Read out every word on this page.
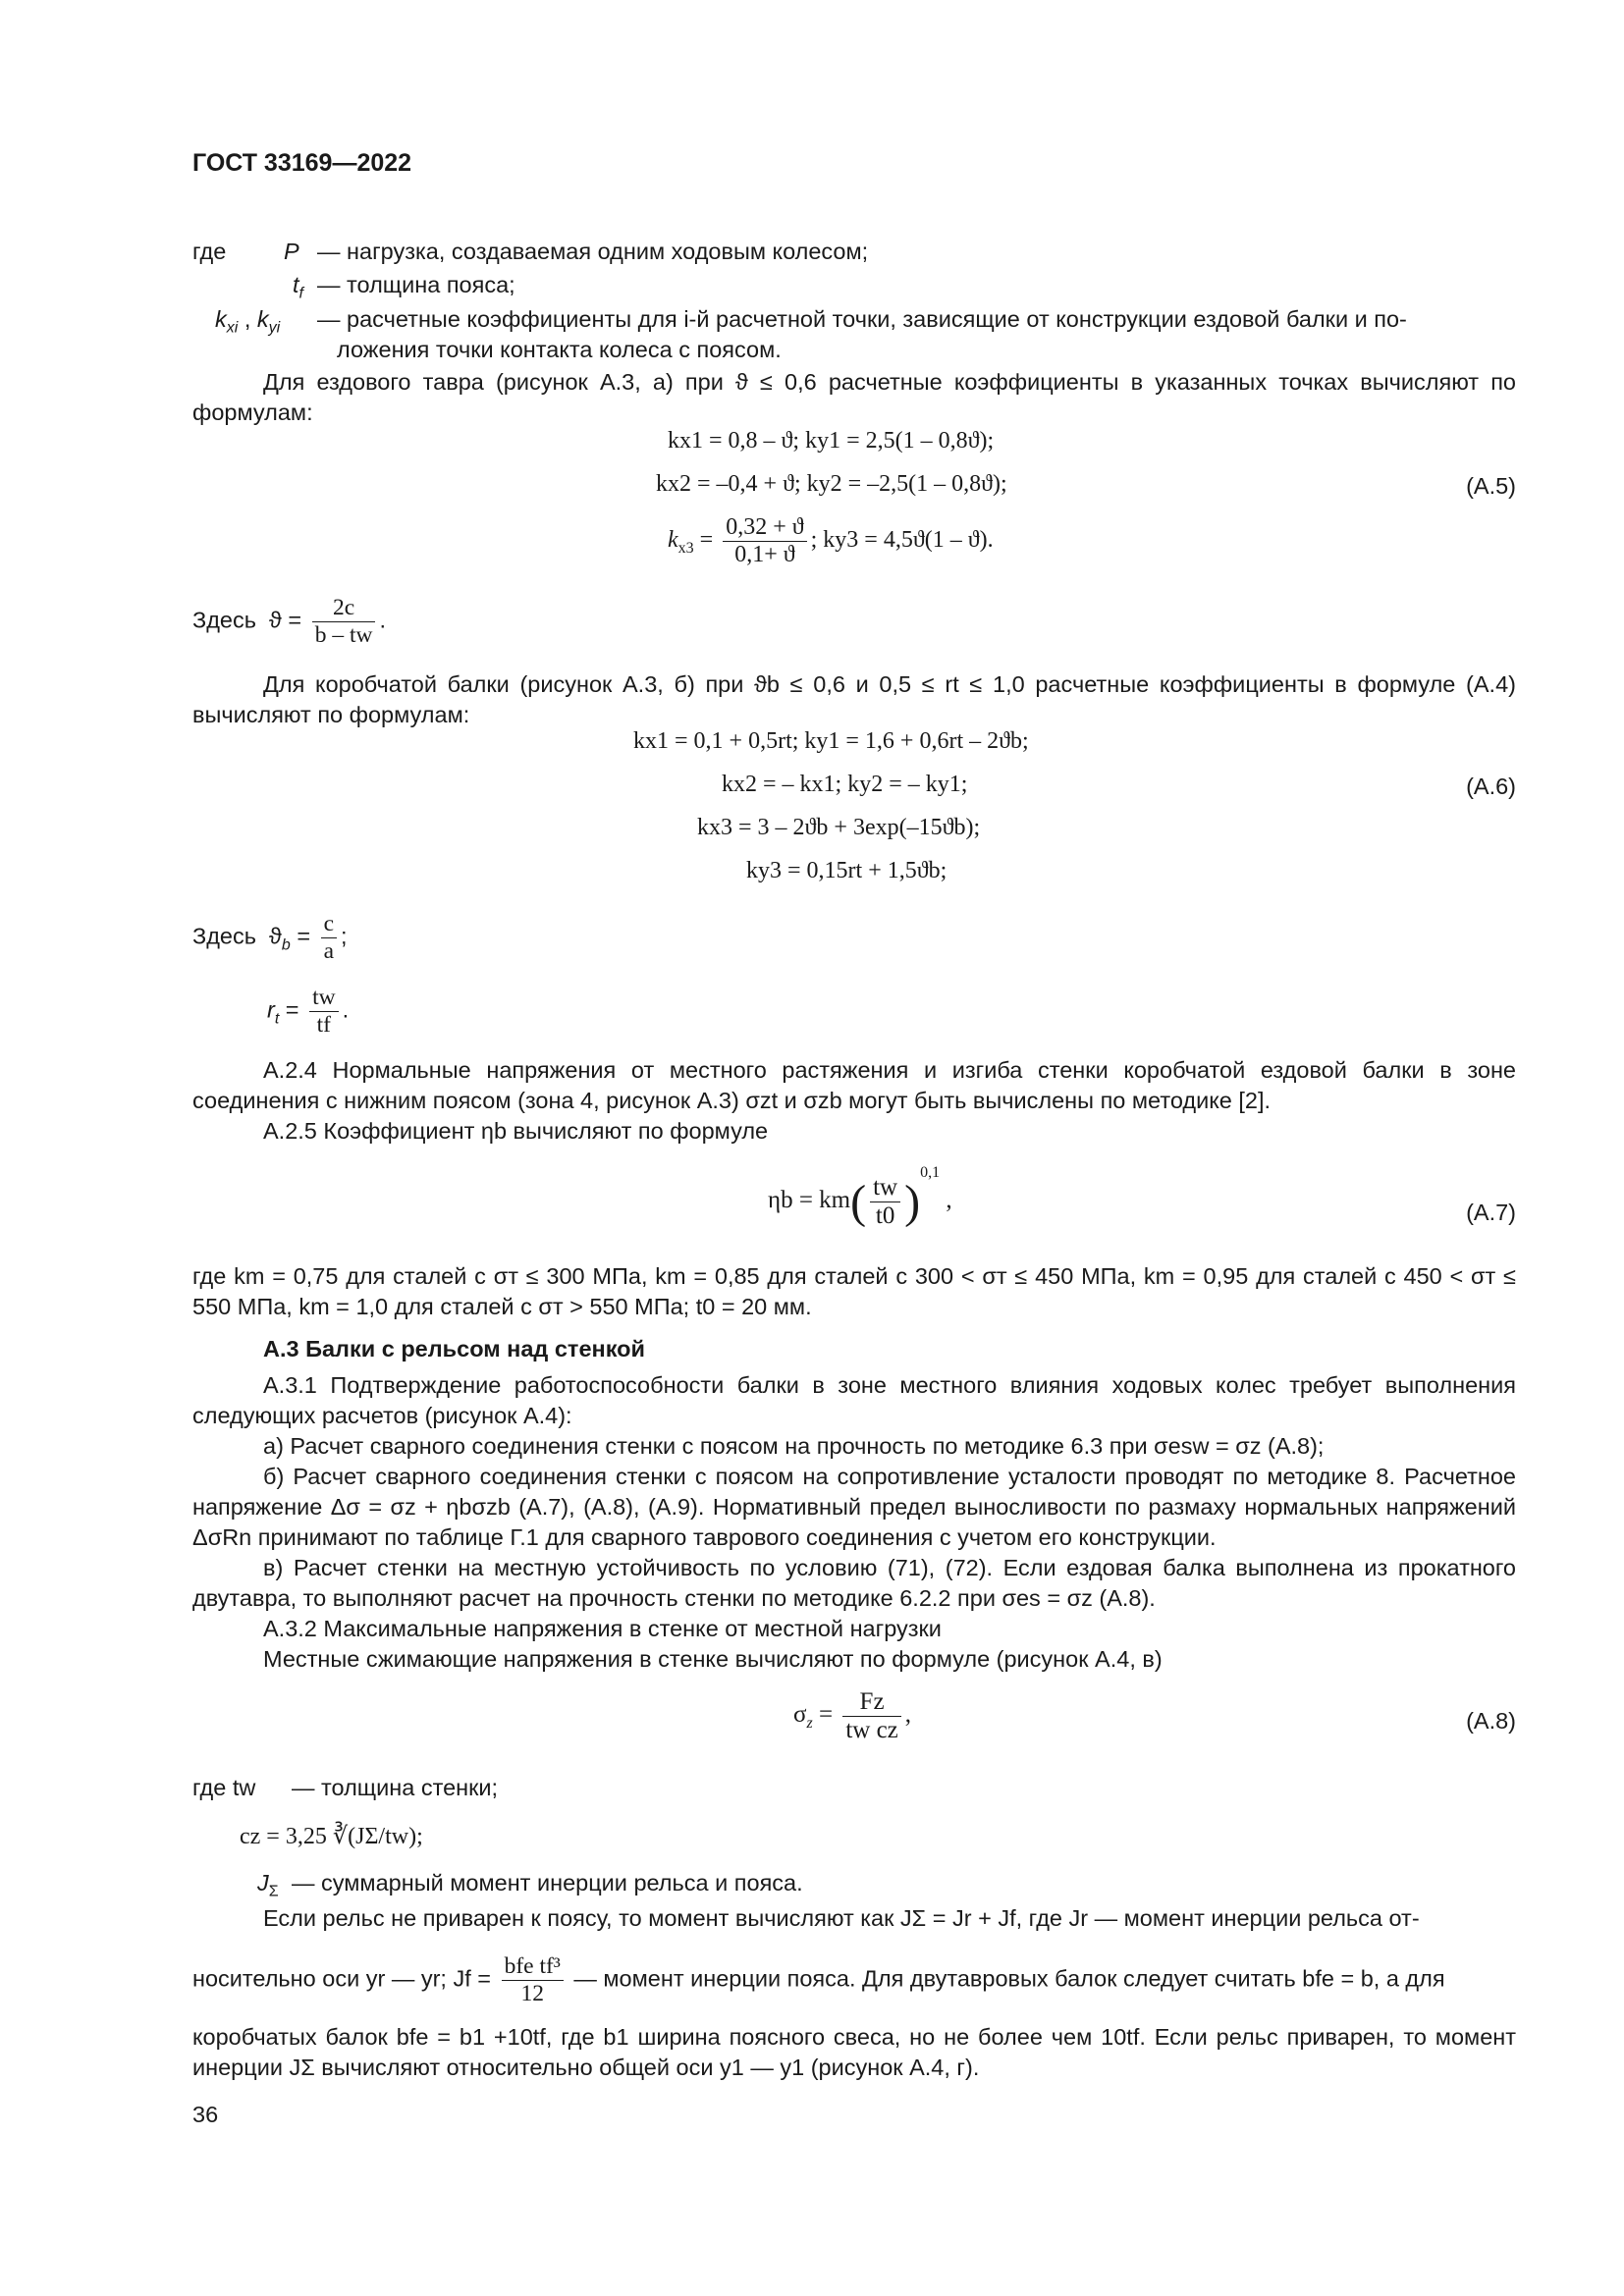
ГОСТ 33169—2022
где P — нагрузка, создаваемая одним ходовым колесом;
$t_f$ — толщина пояса;
$k_{xi}$ , $k_{yi}$ — расчетные коэффициенты для i-й расчетной точки, зависящие от конструкции ездовой балки и по-
ложения точки контакта колеса с поясом.
Для ездового тавра (рисунок А.3, а) при ϑ ≤ 0,6 расчетные коэффициенты в указанных точках вычисляют по формулам:
kx1 = 0,8 – ϑ; ky1 = 2,5(1 – 0,8ϑ);
kx2 = –0,4 + ϑ; ky2 = –2,5(1 – 0,8ϑ);	(А.5)
$k_{x3} = \frac{0,32 + ϑ}{0,1+ ϑ}$ ; ky3 = 4,5ϑ(1 – ϑ).
Здесь  $ϑ = \frac{2c}{b - tw}$ .
Для коробчатой балки (рисунок А.3, б) при ϑb ≤ 0,6 и 0,5 ≤ rt ≤ 1,0 расчетные коэффициенты в формуле (А.4) вычисляют по формулам:
kx1 = 0,1 + 0,5rt; ky1 = 1,6 + 0,6rt – 2ϑb;
kx2 = – kx1; ky2 = – ky1;	(А.6)
kx3 = 3 – 2ϑb + 3exp(–15ϑb);
ky3 = 0,15rt + 1,5ϑb;
Здесь  $ϑ_b = \frac{c}{a}$ ;
$r_t = \frac{tw}{tf}$ .
А.2.4 Нормальные напряжения от местного растяжения и изгиба стенки коробчатой ездовой балки в зоне соединения с нижним поясом (зона 4, рисунок А.3) σzt и σzb могут быть вычислены по методике [2].
А.2.5 Коэффициент ηb вычисляют по формуле
$\eta b = km( \frac{tw}{t0} )^{0,1}$ ,	(А.7)
где km = 0,75 для сталей с σт ≤ 300 МПа, km = 0,85 для сталей с 300 < σт ≤ 450 МПа, km = 0,95 для сталей с 450 < σт ≤ 550 МПа, km = 1,0 для сталей с σт > 550 МПа; t0 = 20 мм.
А.3 Балки с рельсом над стенкой
А.3.1 Подтверждение работоспособности балки в зоне местного влияния ходовых колес требует выполнения следующих расчетов (рисунок А.4):
а) Расчет сварного соединения стенки с поясом на прочность по методике 6.3 при σesw = σz (А.8);
б) Расчет сварного соединения стенки с поясом на сопротивление усталости проводят по методике 8. Расчетное напряжение Δσ = σz + ηbσzb (А.7), (А.8), (А.9). Нормативный предел выносливости по размаху нормальных напряжений ΔσRn принимают по таблице Г.1 для сварного таврового соединения с учетом его конструкции.
в) Расчет стенки на местную устойчивость по условию (71), (72). Если ездовая балка выполнена из прокатного двутавра, то выполняют расчет на прочность стенки по методике 6.2.2 при σes = σz (А.8).
А.3.2 Максимальные напряжения в стенке от местной нагрузки
Местные сжимающие напряжения в стенке вычисляют по формуле (рисунок А.4, в)
$\sigma_z = \frac{Fz}{\text{tw cz}}$ ,	(А.8)
где tw — толщина стенки;
cz = 3,25 ∛(JΣ/tw);
$J_\Sigma$ — суммарный момент инерции рельса и пояса.
Если рельс не приварен к поясу, то момент вычисляют как JΣ = Jr + Jf, где Jr — момент инерции рельса от-
носительно оси yr — yr; $Jf = \frac{\text{bfe tf³}}{12}$ — момент инерции пояса. Для двутавровых балок следует считать bfe = b, а для
коробчатых балок bfe = b1 +10tf, где b1 ширина поясного свеса, но не более чем 10tf. Если рельс приварен, то момент инерции JΣ вычисляют относительно общей оси y1 — y1 (рисунок А.4, г).
36
